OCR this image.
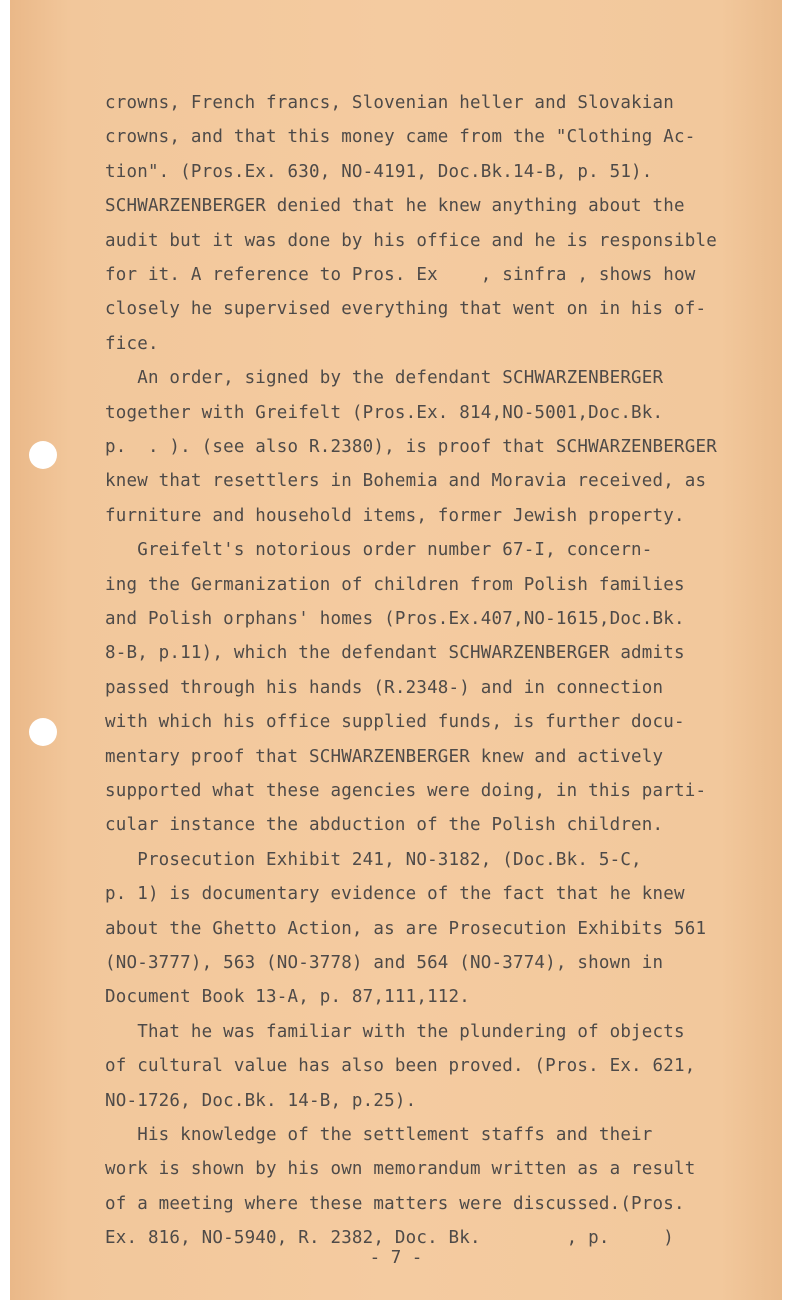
crowns, French francs, Slovenian heller and Slovakian

crowns, and that this money came from the "Clothing Ac-

tion". (Pros.Ex. 630, NO-4191, Doc.Bk.14-B, p. 51).

SCHWARZENBERGER denied that he knew anything about the

audit but it was done by his office and he is responsible

for it. A reference to Pros. Ex    , sinfra , shows how

closely he supervised everything that went on in his of-

fice.

An order, signed by the defendant SCHWARZENBERGER

together with Greifelt (Pros.Ex. 814,NO-5001,Doc.Bk.

p.  . ). (see also R.2380), is proof that SCHWARZENBERGER

knew that resettlers in Bohemia and Moravia received, as

furniture and household items, former Jewish property.

Greifelt's notorious order number 67-I, concern-

ing the Germanization of children from Polish families

and Polish orphans' homes (Pros.Ex.407,NO-1615,Doc.Bk.

8-B, p.11), which the defendant SCHWARZENBERGER admits

passed through his hands (R.2348-) and in connection

with which his office supplied funds, is further docu-

mentary proof that SCHWARZENBERGER knew and actively

supported what these agencies were doing, in this parti-

cular instance the abduction of the Polish children.

Prosecution Exhibit 241, NO-3182, (Doc.Bk. 5-C,

p. 1) is documentary evidence of the fact that he knew

about the Ghetto Action, as are Prosecution Exhibits 561

(NO-3777), 563 (NO-3778) and 564 (NO-3774), shown in

Document Book 13-A, p. 87,111,112.

That he was familiar with the plundering of objects

of cultural value has also been proved. (Pros. Ex. 621,

NO-1726, Doc.Bk. 14-B, p.25).

His knowledge of the settlement staffs and their

work is shown by his own memorandum written as a result

of a meeting where these matters were discussed.(Pros.

Ex. 816, NO-5940, R. 2382, Doc. Bk.        , p.     )

- 7 -
